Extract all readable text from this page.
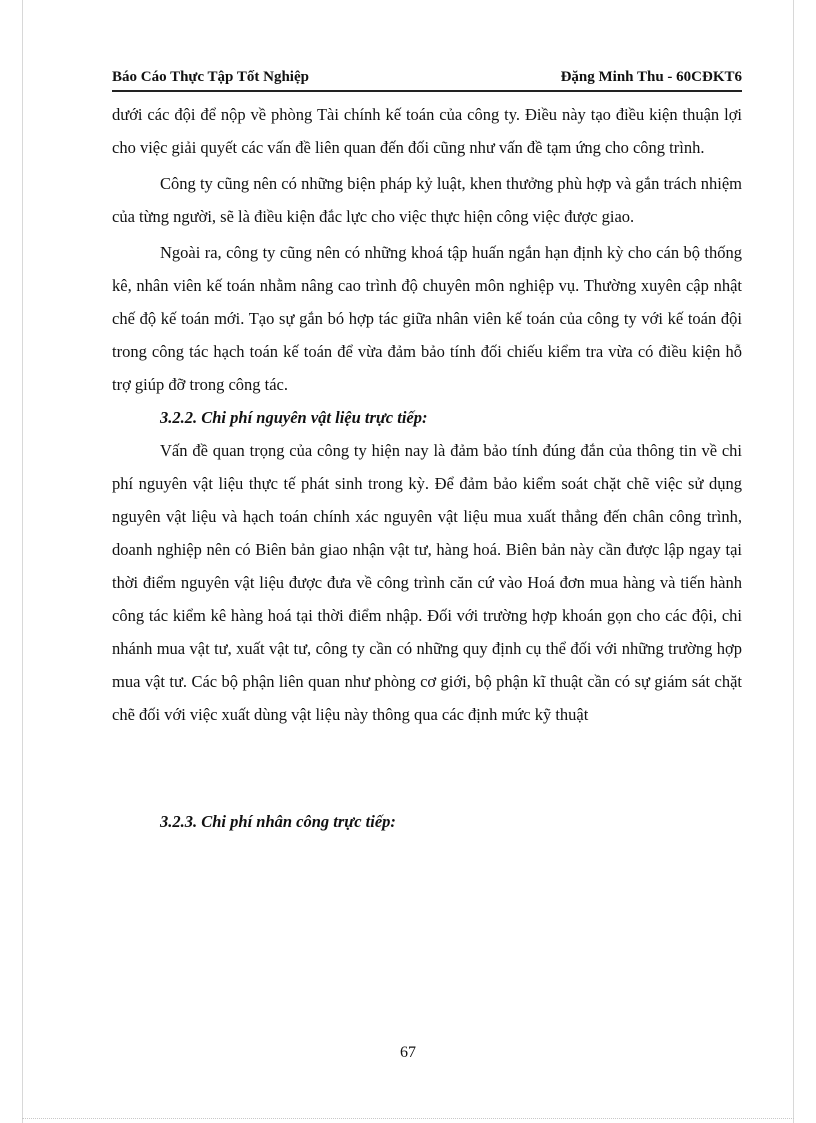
Báo Cáo Thực Tập Tốt Nghiệp	Đặng Minh Thu - 60CĐKT6

dưới các đội để nộp về phòng Tài chính kế toán của công ty. Điều này tạo điều kiện thuận lợi cho việc giải quyết các vấn đề liên quan đến đối cũng như vấn đề tạm ứng cho công trình.

Công ty cũng nên có những biện pháp kỷ luật, khen thưởng phù hợp và gắn trách nhiệm của từng người, sẽ là điều kiện đắc lực cho việc thực hiện công việc được giao.

Ngoài ra, công ty cũng nên có những khoá tập huấn ngắn hạn định kỳ cho cán bộ thống kê, nhân viên kế toán nhằm nâng cao trình độ chuyên môn nghiệp vụ. Thường xuyên cập nhật chế độ kế toán mới. Tạo sự gắn bó hợp tác giữa nhân viên kế toán của công ty với kế toán đội trong công tác hạch toán kế toán để vừa đảm bảo tính đối chiếu kiểm tra vừa có điều kiện hỗ trợ giúp đỡ trong công tác.

3.2.2. Chi phí nguyên vật liệu trực tiếp:

Vấn đề quan trọng của công ty hiện nay là đảm bảo tính đúng đắn của thông tin về chi phí nguyên vật liệu thực tế phát sinh trong kỳ. Để đảm bảo kiểm soát chặt chẽ việc sử dụng nguyên vật liệu và hạch toán chính xác nguyên vật liệu mua xuất thẳng đến chân công trình, doanh nghiệp nên có Biên bản giao nhận vật tư, hàng hoá. Biên bản này cần được lập ngay tại thời điểm nguyên vật liệu được đưa về công trình căn cứ vào Hoá đơn mua hàng và tiến hành công tác kiểm kê hàng hoá tại thời điểm nhập. Đối với trường hợp khoán gọn cho các đội, chi nhánh mua vật tư, xuất vật tư, công ty cần có những quy định cụ thể đối với những trường hợp mua vật tư. Các bộ phận liên quan như phòng cơ giới, bộ phận kĩ thuật cần có sự giám sát chặt chẽ đối với việc xuất dùng vật liệu này thông qua các định mức kỹ thuật

3.2.3. Chi phí nhân công trực tiếp:
67
